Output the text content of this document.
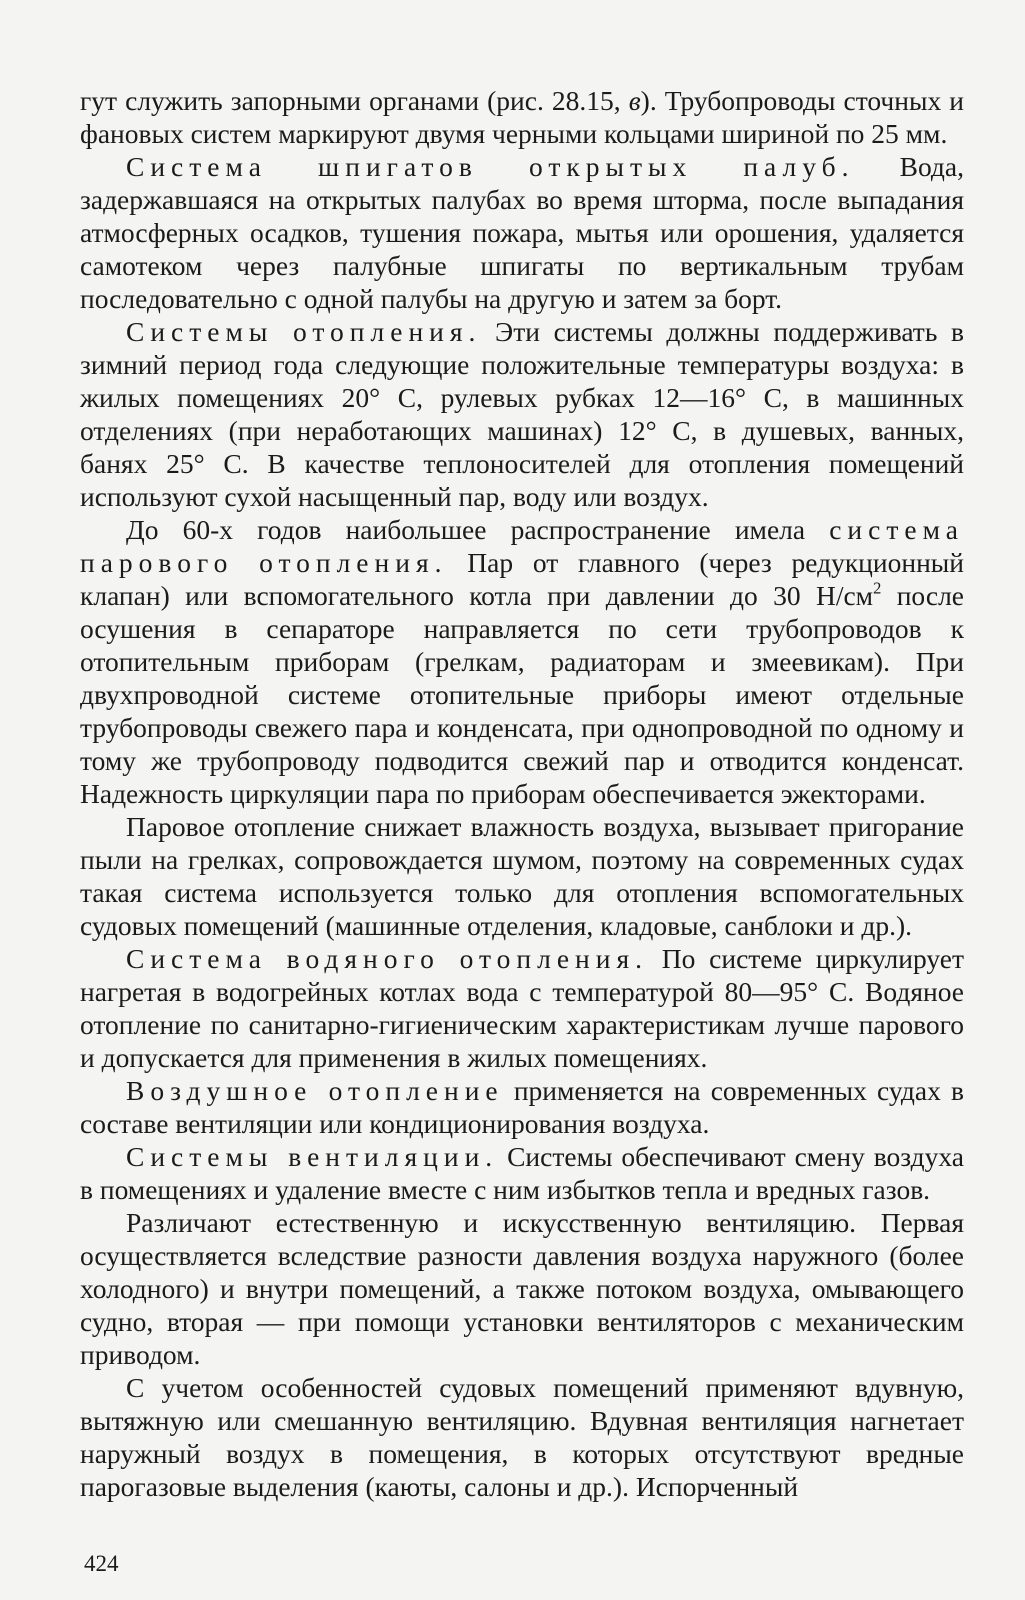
гут служить запорными органами (рис. 28.15, в). Трубопроводы сточных и фановых систем маркируют двумя черными кольцами шириной по 25 мм.

Система шпигатов открытых палуб. Вода, задержавшаяся на открытых палубах во время шторма, после выпадания атмосферных осадков, тушения пожара, мытья или орошения, удаляется самотеком через палубные шпигаты по вертикальным трубам последовательно с одной палубы на другую и затем за борт.

Системы отопления. Эти системы должны поддерживать в зимний период года следующие положительные температуры воздуха: в жилых помещениях 20° С, рулевых рубках 12—16° С, в машинных отделениях (при неработающих машинах) 12° С, в душевых, ванных, банях 25° С. В качестве теплоносителей для отопления помещений используют сухой насыщенный пар, воду или воздух.

До 60-х годов наибольшее распространение имела система парового отопления. Пар от главного (через редукционный клапан) или вспомогательного котла при давлении до 30 $Н/см^2$ после осушения в сепараторе направляется по сети трубопроводов к отопительным приборам (грелкам, радиаторам и змеевикам). При двухпроводной системе отопительные приборы имеют отдельные трубопроводы свежего пара и конденсата, при однопроводной по одному и тому же трубопроводу подводится свежий пар и отводится конденсат. Надежность циркуляции пара по приборам обеспечивается эжекторами.

Паровое отопление снижает влажность воздуха, вызывает пригорание пыли на грелках, сопровождается шумом, поэтому на современных судах такая система используется только для отопления вспомогательных судовых помещений (машинные отделения, кладовые, санблоки и др.).

Система водяного отопления. По системе циркулирует нагретая в водогрейных котлах вода с температурой 80—95° С. Водяное отопление по санитарно-гигиеническим характеристикам лучше парового и допускается для применения в жилых помещениях.

Воздушное отопление применяется на современных судах в составе вентиляции или кондиционирования воздуха.

Системы вентиляции. Системы обеспечивают смену воздуха в помещениях и удаление вместе с ним избытков тепла и вредных газов.

Различают естественную и искусственную вентиляцию. Первая осуществляется вследствие разности давления воздуха наружного (более холодного) и внутри помещений, а также потоком воздуха, омывающего судно, вторая — при помощи установки вентиляторов с механическим приводом.

С учетом особенностей судовых помещений применяют вдувную, вытяжную или смешанную вентиляцию. Вдувная вентиляция нагнетает наружный воздух в помещения, в которых отсутствуют вредные парогазовые выделения (каюты, салоны и др.). Испорченный

424
